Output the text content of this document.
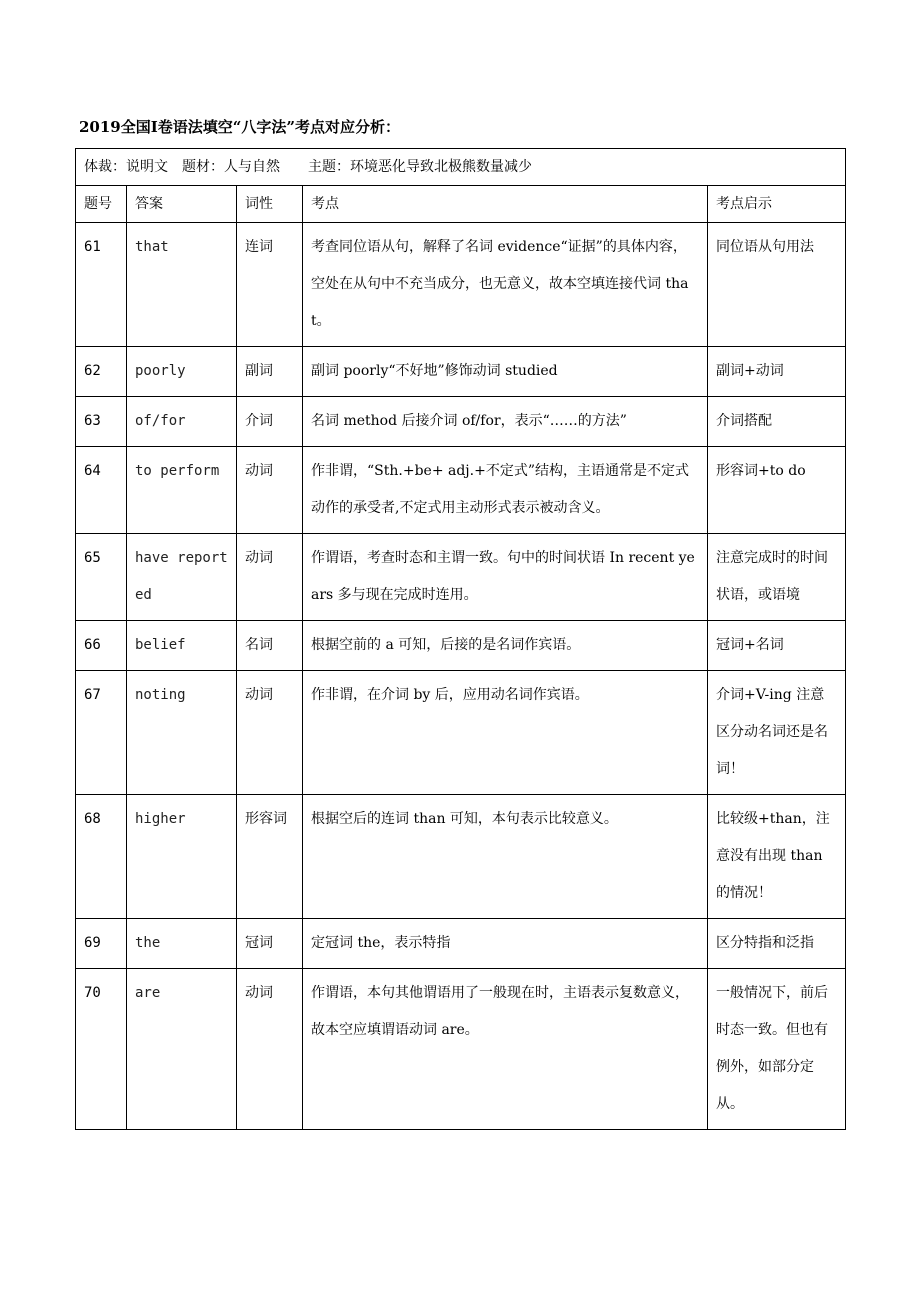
2019全国I卷语法填空“八字法”考点对应分析：
体裁：说明文 题材：人与自然 主题：环境恶化导致北极熊数量减少				
题号	答案	词性	考点	考点启示
61	that	连词	考查同位语从句，解释了名词 evidence“证据”的具体内容，空处在从句中不充当成分，也无意义，故本空填连接代词 that。	同位语从句用法
62	poorly	副词	副词 poorly“不好地”修饰动词 studied	副词+动词
63	of/for	介词	名词 method 后接介词 of/for，表示“……的方法”	介词搭配
64	to perform	动词	作非谓，“Sth.+be+ adj.+不定式”结构，主语通常是不定式动作的承受者,不定式用主动形式表示被动含义。	形容词+to do
65	have reported	动词	作谓语，考查时态和主谓一致。句中的时间状语 In recent years 多与现在完成时连用。	注意完成时的时间状语，或语境
66	belief	名词	根据空前的 a 可知，后接的是名词作宾语。	冠词+名词
67	noting	动词	作非谓，在介词 by 后，应用动名词作宾语。	介词+V-ing 注意区分动名词还是名词！
68	higher	形容词	根据空后的连词 than 可知，本句表示比较意义。	比较级+than，注意没有出现 than 的情况！
69	the	冠词	定冠词 the，表示特指	区分特指和泛指
70	are	动词	作谓语，本句其他谓语用了一般现在时，主语表示复数意义，故本空应填谓语动词 are。	一般情况下，前后时态一致。但也有例外，如部分定从。
